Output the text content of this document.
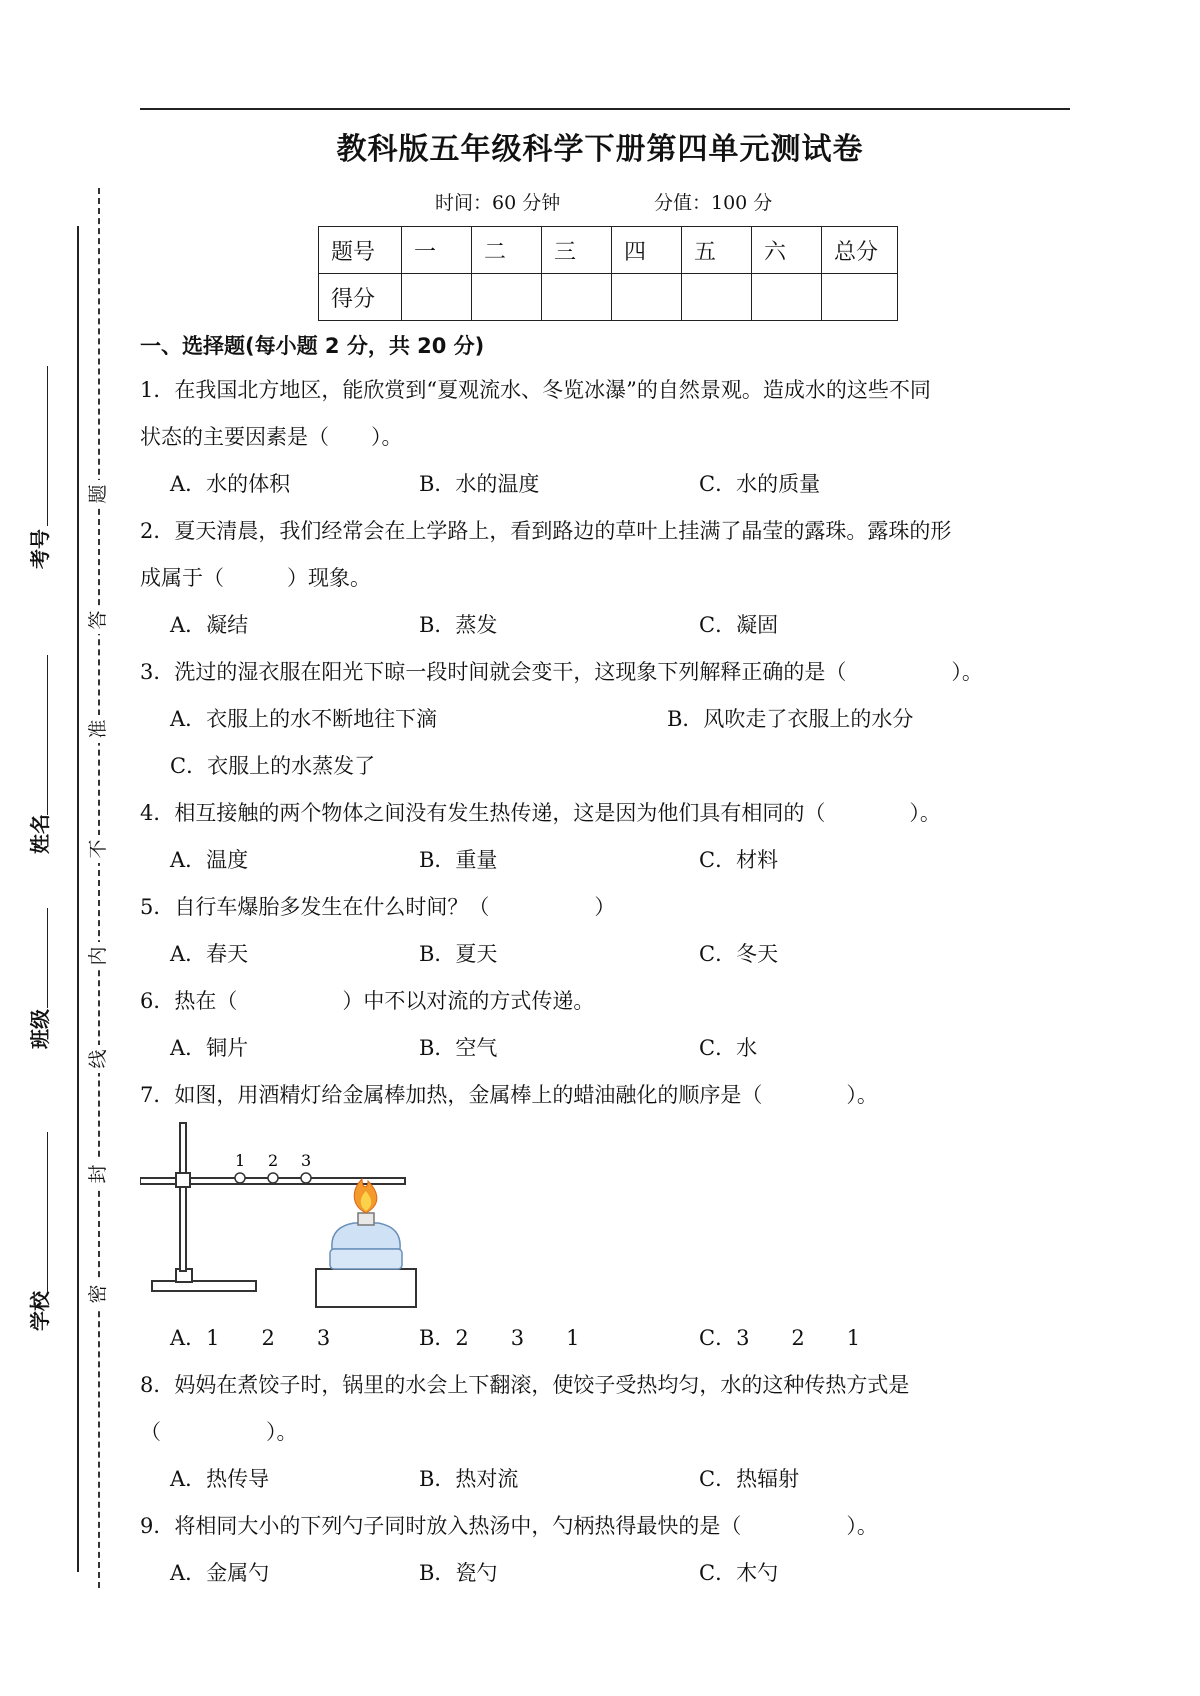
教科版五年级科学下册第四单元测试卷
时间：60 分钟	分值：100 分
题号	一	二	三	四	五	六	总分
得分							
考号
姓名
班级
学校
题
答
准
不
内
线
封
密
一、选择题(每小题 2 分，共 20 分)
1．在我国北方地区，能欣赏到“夏观流水、冬览冰瀑”的自然景观。造成水的这些不同
状态的主要因素是（　　）。
A．水的体积	B．水的温度	C．水的质量
2．夏天清晨，我们经常会在上学路上，看到路边的草叶上挂满了晶莹的露珠。露珠的形
成属于（　　　）现象。
A．凝结	B．蒸发	C．凝固
3．洗过的湿衣服在阳光下晾一段时间就会变干，这现象下列解释正确的是（　　　　　）。
A．衣服上的水不断地往下滴	B．风吹走了衣服上的水分
C．衣服上的水蒸发了
4．相互接触的两个物体之间没有发生热传递，这是因为他们具有相同的（　　　　）。
A．温度	B．重量	C．材料
5．自行车爆胎多发生在什么时间？（　　　　　）
A．春天	B．夏天	C．冬天
6．热在（　　　　　）中不以对流的方式传递。
A．铜片	B．空气	C．水
7．如图，用酒精灯给金属棒加热，金属棒上的蜡油融化的顺序是（　　　　）。
1 2 3
A．1　　2　　3	B．2　　3　　1	C．3　　2　　1
8．妈妈在煮饺子时，锅里的水会上下翻滚，使饺子受热均匀，水的这种传热方式是
（　　　　　）。
A．热传导	B．热对流	C．热辐射
9．将相同大小的下列勺子同时放入热汤中，勺柄热得最快的是（　　　　　）。
A．金属勺	B．瓷勺	C．木勺
